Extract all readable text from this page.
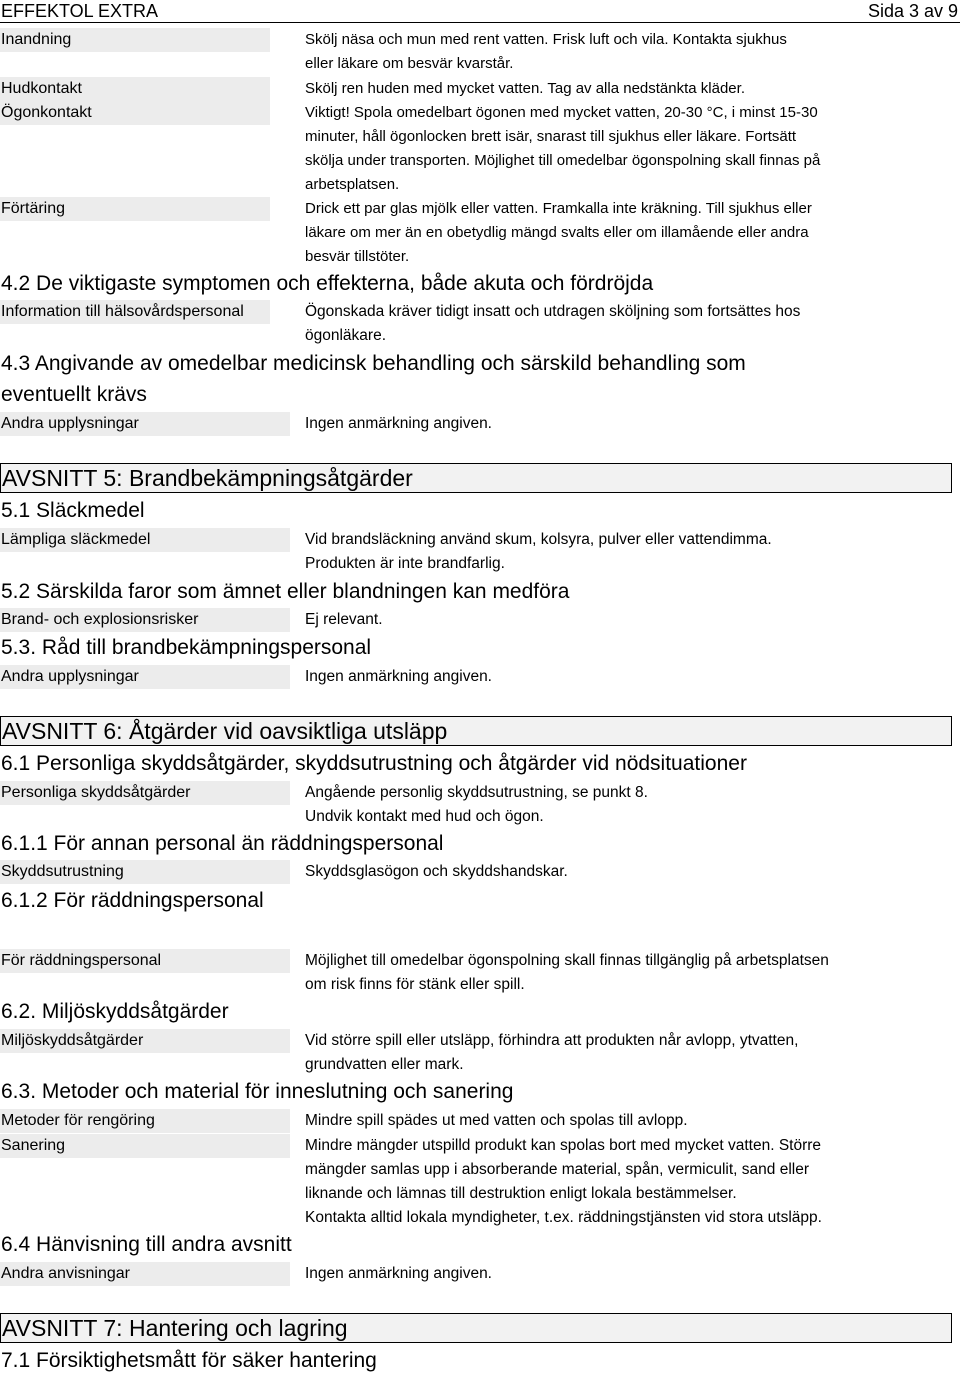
EFFEKTOL EXTRA	Sida 3 av 9
Inandning	Skölj näsa och mun med rent vatten. Frisk luft och vila. Kontakta sjukhus

eller läkare om besvär kvarstår.

Hudkontakt	Skölj ren huden med mycket vatten. Tag av alla nedstänkta kläder.

Ögonkontakt	Viktigt! Spola omedelbart ögonen med mycket vatten, 20-30 °C, i minst 15-30

minuter, håll ögonlocken brett isär, snarast till sjukhus eller läkare. Fortsätt

skölja under transporten. Möjlighet till omedelbar ögonspolning skall finnas på

arbetsplatsen.

Förtäring	Drick ett par glas mjölk eller vatten. Framkalla inte kräkning. Till sjukhus eller

läkare om mer än en obetydlig mängd svalts eller om illamående eller andra

besvär tillstöter.

4.2 De viktigaste symptomen och effekterna, både akuta och fördröjda
Information till hälsovårdspersonal	Ögonskada kräver tidigt insatt och utdragen sköljning som fortsättes hos

ögonläkare.

4.3 Angivande av omedelbar medicinsk behandling och särskild behandling som
eventuellt krävs
Andra upplysningar	Ingen anmärkning angiven.
AVSNITT 5: Brandbekämpningsåtgärder
5.1 Släckmedel
Lämpliga släckmedel	Vid brandsläckning använd skum, kolsyra, pulver eller vattendimma.

Produkten är inte brandfarlig.

5.2 Särskilda faror som ämnet eller blandningen kan medföra
Brand- och explosionsrisker	Ej relevant.
5.3. Råd till brandbekämpningspersonal
Andra upplysningar	Ingen anmärkning angiven.
AVSNITT 6: Åtgärder vid oavsiktliga utsläpp
6.1 Personliga skyddsåtgärder, skyddsutrustning och åtgärder vid nödsituationer
Personliga skyddsåtgärder	Angående personlig skyddsutrustning, se punkt 8.

Undvik kontakt med hud och ögon.

6.1.1 För annan personal än räddningspersonal
Skyddsutrustning	Skyddsglasögon och skyddshandskar.
6.1.2 För räddningspersonal
För räddningspersonal	Möjlighet till omedelbar ögonspolning skall finnas tillgänglig på arbetsplatsen

om risk finns för stänk eller spill.

6.2. Miljöskyddsåtgärder
Miljöskyddsåtgärder	Vid större spill eller utsläpp, förhindra att produkten når avlopp, ytvatten,

grundvatten eller mark.

6.3. Metoder och material för inneslutning och sanering
Metoder för rengöring	Mindre spill spädes ut med vatten och spolas till avlopp.
Sanering	Mindre mängder utspilld produkt kan spolas bort med mycket vatten. Större

mängder samlas upp i absorberande material, spån, vermiculit, sand eller

liknande och lämnas till destruktion enligt lokala bestämmelser.

Kontakta alltid lokala myndigheter, t.ex. räddningstjänsten vid stora utsläpp.

6.4 Hänvisning till andra avsnitt
Andra anvisningar	Ingen anmärkning angiven.
AVSNITT 7: Hantering och lagring
7.1 Försiktighetsmått för säker hantering
